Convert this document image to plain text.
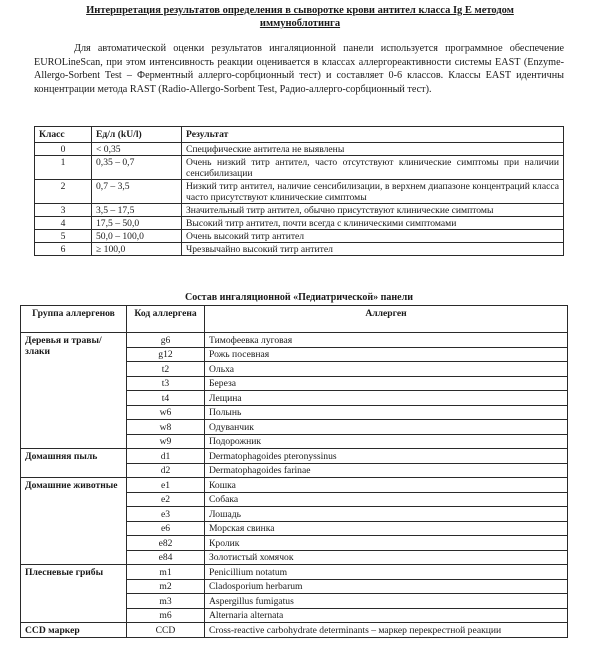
Интерпретация результатов определения в сыворотке крови антител класса Ig E методом
иммуноблотинга

Для автоматической оценки результатов ингаляционной панели используется программное обеспечение EUROLineScan, при этом интенсивность реакции оценивается в классах аллергореактивности системы EAST (Enzyme-Allergo-Sorbent Test – Ферментный аллерго-сорбционный тест) и составляет 0-6 классов. Классы EAST идентичны концентрации метода RAST (Radio-Allergo-Sorbent Test, Радио-аллерго-сорбционный тест).

Класс	Ед/л (kU/l)	Результат
0	< 0,35	Специфические антитела не выявлены
1	0,35 – 0,7	Очень низкий титр антител, часто отсутствуют клинические симптомы при наличии сенсибилизации
2	0,7 – 3,5	Низкий титр антител, наличие сенсибилизации, в верхнем диапазоне концентраций класса часто присутствуют клинические симптомы
3	3,5 – 17,5	Значительный титр антител, обычно присутствуют клинические симптомы
4	17,5 – 50,0	Высокий титр антител, почти всегда с клиническими симптомами
5	50,0 – 100,0	Очень высокий титр антител
6	≥ 100,0	Чрезвычайно высокий титр антител
Состав ингаляционной «Педиатрической» панели
Группа аллергенов	Код аллергена	Аллерген
Деревья и травы/злаки	g6	Тимофеевка луговая
	g12	Рожь посевная
	t2	Ольха
	t3	Береза
	t4	Лещина
	w6	Полынь
	w8	Одуванчик
	w9	Подорожник
Домашняя пыль	d1	Dermatophagoides pteronyssinus
	d2	Dermatophagoides farinae
Домашние животные	e1	Кошка
	e2	Собака
	e3	Лошадь
	e6	Морская свинка
	e82	Кролик
	e84	Золотистый хомячок
Плесневые грибы	m1	Penicillium notatum
	m2	Cladosporium herbarum
	m3	Aspergillus fumigatus
	m6	Alternaria alternata
CCD маркер	CCD	Cross-reactive carbohydrate determinants – маркер перекрестной реакции
